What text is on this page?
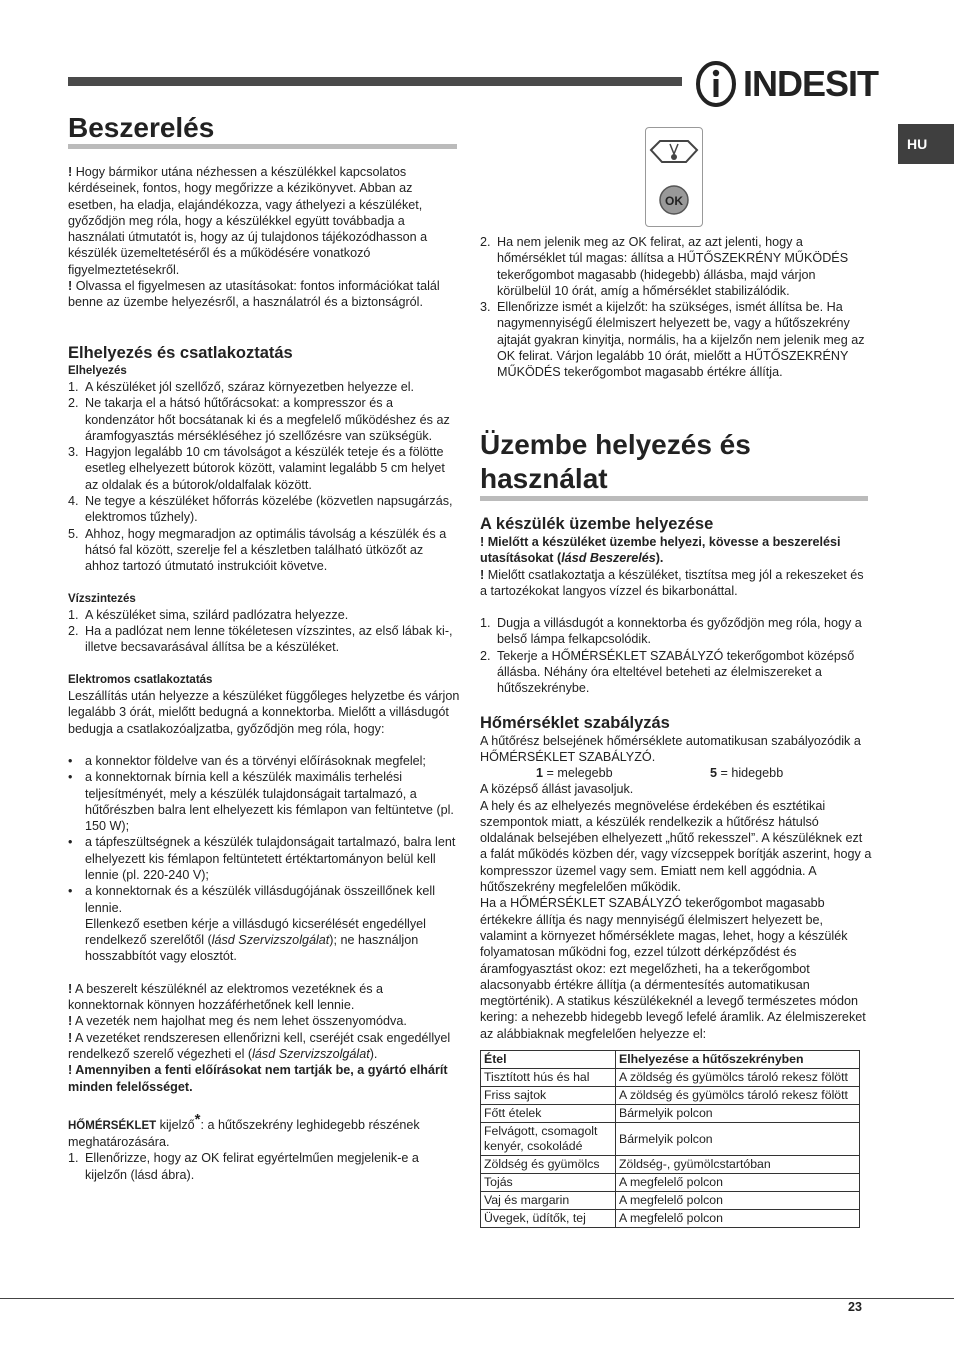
INDESIT
HU
Beszerelés

! Hogy bármikor utána nézhessen a készülékkel kapcsolatos kérdéseinek, fontos, hogy megőrizze a kézikönyvet. Abban az esetben, ha eladja, elajándékozza, vagy áthelyezi a készüléket, győződjön meg róla, hogy a készülékkel együtt továbbadja a használati útmutatót is, hogy az új tulajdonos tájékozódhasson a készülék üzemeltetéséről és a működésére vonatkozó figyelmeztetésekről.

! Olvassa el figyelmesen az utasításokat: fontos információkat talál benne az üzembe helyezésről, a használatról és a biztonságról.

Elhelyezés és csatlakoztatás

Elhelyezés

1. A készüléket jól szellőző, száraz környezetben helyezze el.
2. Ne takarja el a hátsó hűtőrácsokat: a kompresszor és a kondenzátor hőt bocsátanak ki és a megfelelő működéshez és az áramfogyasztás mérsékléséhez jó szellőzésre van szükségük.
3. Hagyjon legalább 10 cm távolságot a készülék teteje és a fölötte esetleg elhelyezett bútorok között, valamint legalább 5 cm helyet az oldalak és a bútorok/oldalfalak között.
4. Ne tegye a készüléket hőforrás közelébe (közvetlen napsugárzás, elektromos tűzhely).
5. Ahhoz, hogy megmaradjon az optimális távolság a készülék és a hátsó fal között, szerelje fel a készletben található ütközőt az ahhoz tartozó útmutató instrukcióit követve.

Vízszintezés

1. A készüléket sima, szilárd padlózatra helyezze.
2. Ha a padlózat nem lenne tökéletesen vízszintes, az első lábak ki-, illetve becsavarásával állítsa be a készüléket.

Elektromos csatlakoztatás

Leszállítás után helyezze a készüléket függőleges helyzetbe és várjon legalább 3 órát, mielőtt bedugná a konnektorba. Mielőtt a villásdugót bedugja a csatlakozóaljzatba, győződjön meg róla, hogy:

• a konnektor földelve van és a törvényi előírásoknak megfelel;
• a konnektornak bírnia kell a készülék maximális terhelési teljesítményét, mely a készülék tulajdonságait tartalmazó, a hűtőrészben balra lent elhelyezett kis fémlapon van feltüntetve (pl. 150 W);
• a tápfeszültségnek a készülék tulajdonságait tartalmazó, balra lent elhelyezett kis fémlapon feltüntetett értéktartományon belül kell lennie (pl. 220-240 V);
• a konnektornak és a készülék villásdugójának összeillőnek kell lennie.
Ellenkező esetben kérje a villásdugó kicserélését engedéllyel rendelkező szerelőtől (lásd Szervizszolgálat); ne használjon hosszabbítót vagy elosztót.

! A beszerelt készüléknél az elektromos vezetéknek és a konnektornak könnyen hozzáférhetőnek kell lennie.

! A vezeték nem hajolhat meg és nem lehet összenyomódva.

! A vezetéket rendszeresen ellenőrizni kell, cseréjét csak engedéllyel rendelkező szerelő végezheti el (lásd Szervizszolgálat).

! Amennyiben a fenti előírásokat nem tartják be, a gyártó elhárít minden felelősséget.

HŐMÉRSÉKLET kijelző*: a hűtőszekrény leghidegebb részének meghatározására.

1. Ellenőrizze, hogy az OK felirat egyértelműen megjelenik-e a kijelzőn (lásd ábra).
OK
2. Ha nem jelenik meg az OK felirat, az azt jelenti, hogy a hőmérséklet túl magas: állítsa a HŰTŐSZEKRÉNY MŰKÖDÉS tekerőgombot magasabb (hidegebb) állásba, majd várjon körülbelül 10 órát, amíg a hőmérséklet stabilizálódik.
3. Ellenőrizze ismét a kijelzőt: ha szükséges, ismét állítsa be. Ha nagymennyiségű élelmiszert helyezett be, vagy a hűtőszekrény ajtaját gyakran kinyitja, normális, ha a kijelzőn nem jelenik meg az OK felirat. Várjon legalább 10 órát, mielőtt a HŰTŐSZEKRÉNY MŰKÖDÉS tekerőgombot magasabb értékre állítja.
Üzembe helyezés és használat
A készülék üzembe helyezése

! Mielőtt a készüléket üzembe helyezi, kövesse a beszerelési utasításokat (lásd Beszerelés).

! Mielőtt csatlakoztatja a készüléket, tisztítsa meg jól a rekeszeket és a tartozékokat langyos vízzel és bikarbonáttal.

1. Dugja a villásdugót a konnektorba és győződjön meg róla, hogy a belső lámpa felkapcsolódik.
2. Tekerje a HŐMÉRSÉKLET SZABÁLYZÓ tekerőgombot középső állásba. Néhány óra elteltével beteheti az élelmiszereket a hűtőszekrénybe.
Hőmérséklet szabályzás

A hűtőrész belsejének hőmérséklete automatikusan szabályozódik a HŐMÉRSÉKLET SZABÁLYZÓ.

1 = melegebb	5 = hidegebb

A középső állást javasoljuk.

A hely és az elhelyezés megnövelése érdekében és esztétikai szempontok miatt, a készülék rendelkezik a hűtőrész hátulsó oldalának belsejében elhelyezett „hűtő rekesszel”. A készüléknek ezt a falát működés közben dér, vagy vízcseppek borítják aszerint, hogy a kompresszor üzemel vagy sem. Emiatt nem kell aggódnia. A hűtőszekrény megfelelően működik.

Ha a HŐMÉRSÉKLET SZABÁLYZÓ tekerőgombot magasabb értékekre állítja és nagy mennyiségű élelmiszert helyezett be, valamint a környezet hőmérséklete magas, lehet, hogy a készülék folyamatosan működni fog, ezzel túlzott dérképződést és áramfogyasztást okoz: ezt megelőzheti, ha a tekerőgombot alacsonyabb értékre állítja (a dérmentesítés automatikusan megtörténik). A statikus készülékeknél a levegő természetes módon kering: a nehezebb hidegebb levegő lefelé áramlik. Az élelmiszereket az alábbiaknak megfelelően helyezze el:

Étel	Elhelyezése a hűtőszekrényben
Tisztított hús és hal	A zöldség és gyümölcs tároló rekesz fölött
Friss sajtok	A zöldség és gyümölcs tároló rekesz fölött
Főtt ételek	Bármelyik polcon
Felvágott, csomagolt kenyér, csokoládé	Bármelyik polcon
Zöldség és gyümölcs	Zöldség-, gyümölcstartóban
Tojás	A megfelelő polcon
Vaj és margarin	A megfelelő polcon
Üvegek, üdítők, tej	A megfelelő polcon
23
